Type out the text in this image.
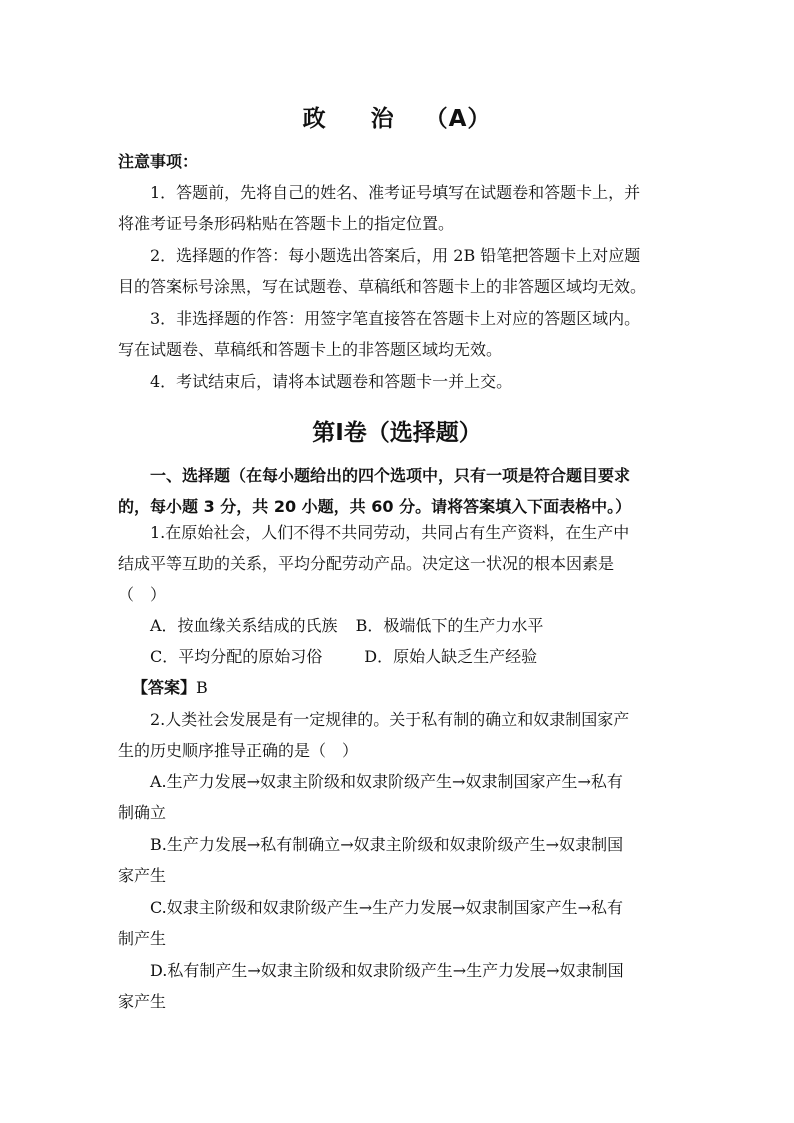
政 治 （A）

注意事项：

1．答题前，先将自己的姓名、准考证号填写在试题卷和答题卡上，并
将准考证号条形码粘贴在答题卡上的指定位置。
2．选择题的作答：每小题选出答案后，用 2B 铅笔把答题卡上对应题
目的答案标号涂黑，写在试题卷、草稿纸和答题卡上的非答题区域均无效。
3．非选择题的作答：用签字笔直接答在答题卡上对应的答题区域内。
写在试题卷、草稿纸和答题卡上的非答题区域均无效。
4．考试结束后，请将本试题卷和答题卡一并上交。
第Ⅰ卷（选择题）
一、选择题（在每小题给出的四个选项中，只有一项是符合题目要求
的，每小题 3 分，共 20 小题，共 60 分。请将答案填入下面表格中。）
1.在原始社会，人们不得不共同劳动，共同占有生产资料，在生产中
结成平等互助的关系，平均分配劳动产品。决定这一状况的根本因素是
（　）
A．按血缘关系结成的氏族 B．极端低下的生产力水平
C．平均分配的原始习俗	D．原始人缺乏生产经验
【答案】B
2.人类社会发展是有一定规律的。关于私有制的确立和奴隶制国家产
生的历史顺序推导正确的是（　）
A.生产力发展→奴隶主阶级和奴隶阶级产生→奴隶制国家产生→私有
制确立
B.生产力发展→私有制确立→奴隶主阶级和奴隶阶级产生→奴隶制国
家产生
C.奴隶主阶级和奴隶阶级产生→生产力发展→奴隶制国家产生→私有
制产生
D.私有制产生→奴隶主阶级和奴隶阶级产生→生产力发展→奴隶制国
家产生
